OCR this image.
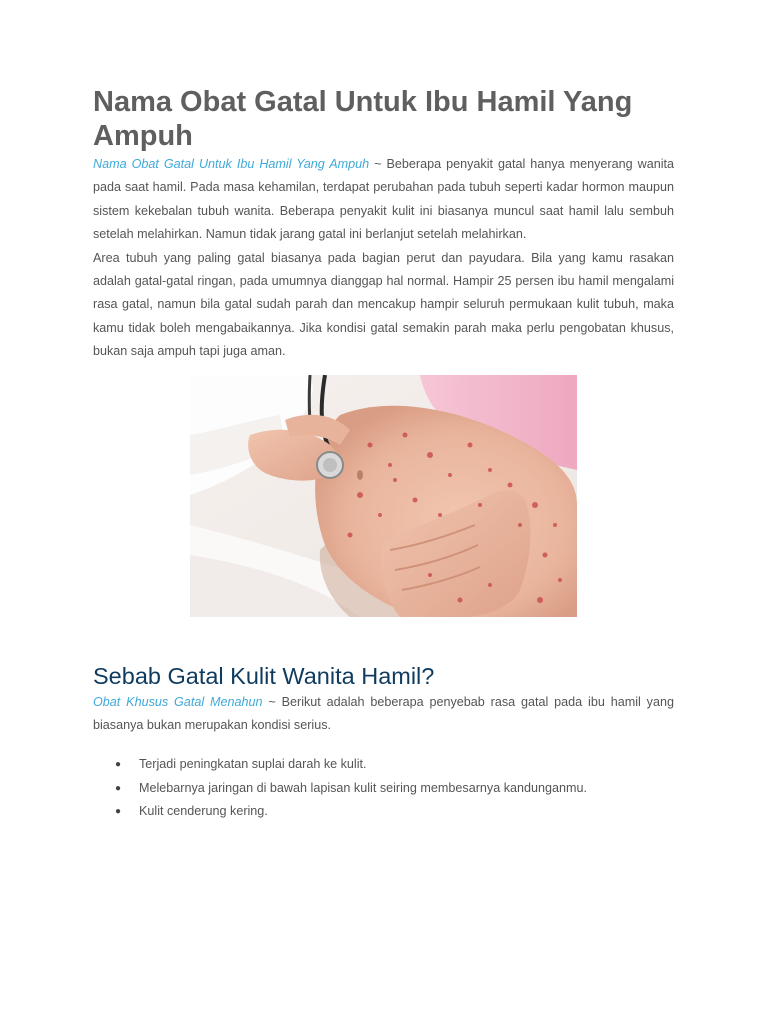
Nama Obat Gatal Untuk Ibu Hamil Yang Ampuh

Nama Obat Gatal Untuk Ibu Hamil Yang Ampuh ~ Beberapa penyakit gatal hanya menyerang wanita pada saat hamil. Pada masa kehamilan, terdapat perubahan pada tubuh seperti kadar hormon maupun sistem kekebalan tubuh wanita. Beberapa penyakit kulit ini biasanya muncul saat hamil lalu sembuh setelah melahirkan. Namun tidak jarang gatal ini berlanjut setelah melahirkan.

Area tubuh yang paling gatal biasanya pada bagian perut dan payudara. Bila yang kamu rasakan adalah gatal-gatal ringan, pada umumnya dianggap hal normal. Hampir 25 persen ibu hamil mengalami rasa gatal, namun bila gatal sudah parah dan mencakup hampir seluruh permukaan kulit tubuh, maka kamu tidak boleh mengabaikannya. Jika kondisi gatal semakin parah maka perlu pengobatan khusus, bukan saja ampuh tapi juga aman.

Sebab Gatal Kulit Wanita Hamil?

Obat Khusus Gatal Menahun ~ Berikut adalah beberapa penyebab rasa gatal pada ibu hamil yang biasanya bukan merupakan kondisi serius.

● Terjadi peningkatan suplai darah ke kulit.
● Melebarnya jaringan di bawah lapisan kulit seiring membesarnya kandunganmu.
● Kulit cenderung kering.
